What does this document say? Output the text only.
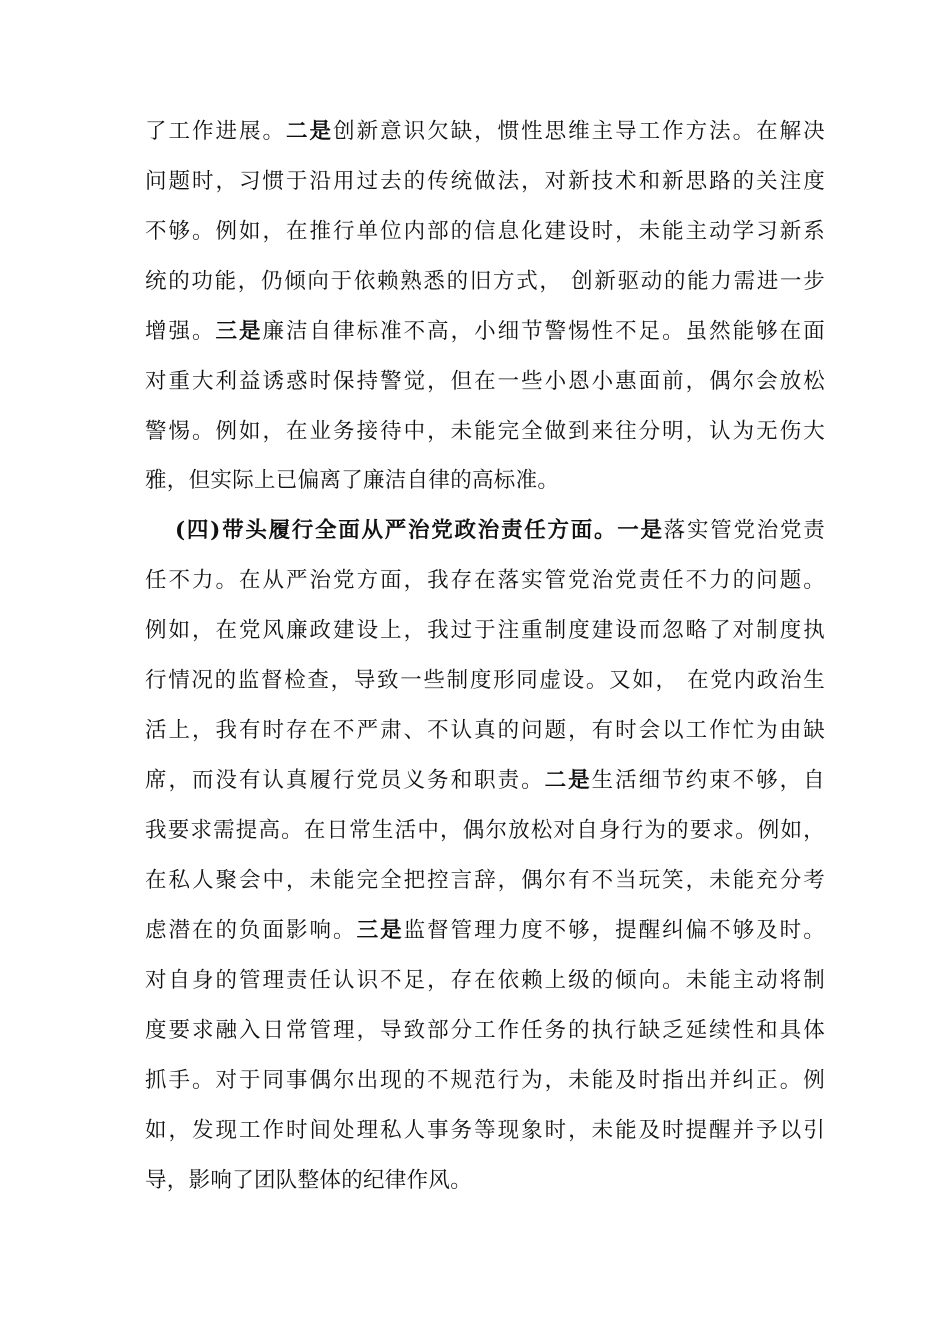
了工作进展。二是创新意识欠缺，惯性思维主导工作方法。在解决
问题时，习惯于沿用过去的传统做法，对新技术和新思路的关注度
不够。例如，在推行单位内部的信息化建设时，未能主动学习新系
统的功能，仍倾向于依赖熟悉的旧方式， 创新驱动的能力需进一步
增强。三是廉洁自律标准不高，小细节警惕性不足。虽然能够在面
对重大利益诱惑时保持警觉，但在一些小恩小惠面前，偶尔会放松
警惕。例如，在业务接待中，未能完全做到来往分明，认为无伤大
雅，但实际上已偏离了廉洁自律的高标准。
(四)带头履行全面从严治党政治责任方面。一是落实管党治党责
任不力。在从严治党方面，我存在落实管党治党责任不力的问题。
例如，在党风廉政建设上，我过于注重制度建设而忽略了对制度执
行情况的监督检查，导致一些制度形同虚设。又如， 在党内政治生
活上，我有时存在不严肃、不认真的问题，有时会以工作忙为由缺
席，而没有认真履行党员义务和职责。二是生活细节约束不够，自
我要求需提高。在日常生活中，偶尔放松对自身行为的要求。例如，
在私人聚会中，未能完全把控言辞，偶尔有不当玩笑，未能充分考
虑潜在的负面影响。三是监督管理力度不够，提醒纠偏不够及时。
对自身的管理责任认识不足，存在依赖上级的倾向。未能主动将制
度要求融入日常管理，导致部分工作任务的执行缺乏延续性和具体
抓手。对于同事偶尔出现的不规范行为，未能及时指出并纠正。例
如，发现工作时间处理私人事务等现象时，未能及时提醒并予以引
导，影响了团队整体的纪律作风。
